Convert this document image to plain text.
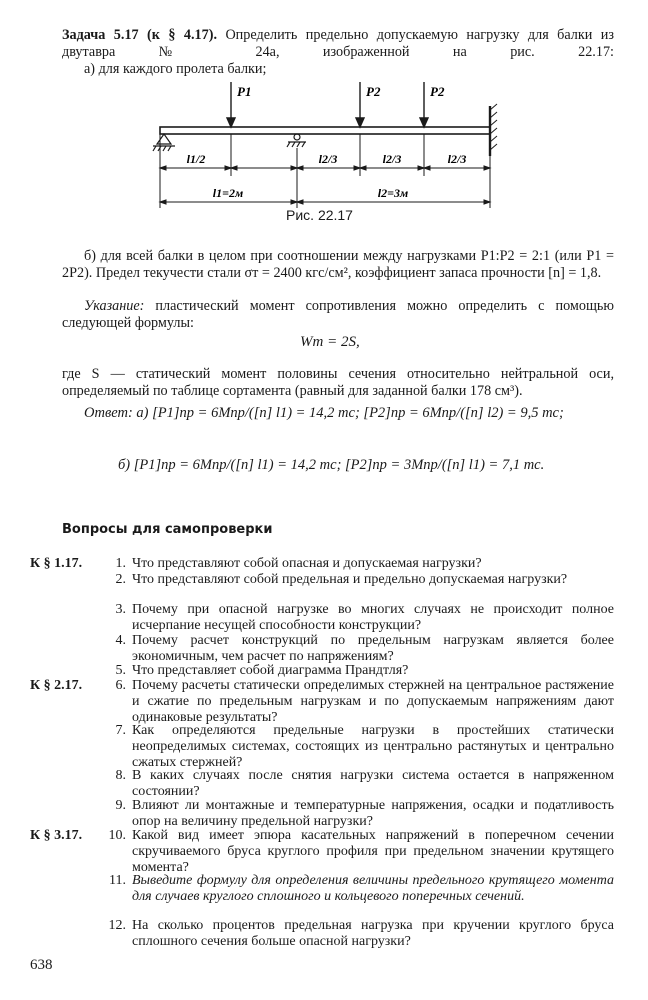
Задача 5.17 (к § 4.17). Определить предельно допускаемую нагрузку для балки из двутавра № 24а, изображенной на рис. 22.17:
а) для каждого пролета балки;
P1	P2	P2
l1/2
l1=2м
l2/3	l2/3	l2/3
l2=3м
Рис. 22.17
б) для всей балки в целом при соотношении между нагрузками P1:P2 = 2:1 (или P1 = 2P2). Предел текучести стали σт = 2400 кгс/см², коэффициент запаса прочности [n] = 1,8.
Указание: пластический момент сопротивления можно определить с помощью следующей формулы:
Wт = 2S,
где S — статический момент половины сечения относительно нейтральной оси, определяемый по таблице сортамента (равный для заданной балки 178 см³).
Ответ: а) [P1]пр = 6Mпр/([n] l1) = 14,2 тс; [P2]пр = 6Mпр/([n] l2) = 9,5 тс;
б) [P1]пр = 6Mпр/([n] l1) = 14,2 тс; [P2]пр = 3Mпр/([n] l1) = 7,1 тс.
Вопросы для самопроверки
К § 1.17.	1. Что представляют собой опасная и допускаемая нагрузки?
2. Что представляют собой предельная и предельно допускаемая нагрузки?
3. Почему при опасной нагрузке во многих случаях не происходит полное исчерпание несущей способности конструкции?
4. Почему расчет конструкций по предельным нагрузкам является более экономичным, чем расчет по напряжениям?
5. Что представляет собой диаграмма Прандтля?
К § 2.17.	6. Почему расчеты статически определимых стержней на центральное растяжение и сжатие по предельным нагрузкам и по допускаемым напряжениям дают одинаковые результаты?
7. Как определяются предельные нагрузки в простейших статически неопределимых системах, состоящих из центрально растянутых и центрально сжатых стержней?
8. В каких случаях после снятия нагрузки система остается в напряженном состоянии?
9. Влияют ли монтажные и температурные напряжения, осадки и податливость опор на величину предельной нагрузки?
К § 3.17.	10. Какой вид имеет эпюра касательных напряжений в поперечном сечении скручиваемого бруса круглого профиля при предельном значении крутящего момента?
11. Выведите формулу для определения величины предельного крутящего момента для случаев круглого сплошного и кольцевого поперечных сечений.
12. На сколько процентов предельная нагрузка при кручении круглого бруса сплошного сечения больше опасной нагрузки?
638
